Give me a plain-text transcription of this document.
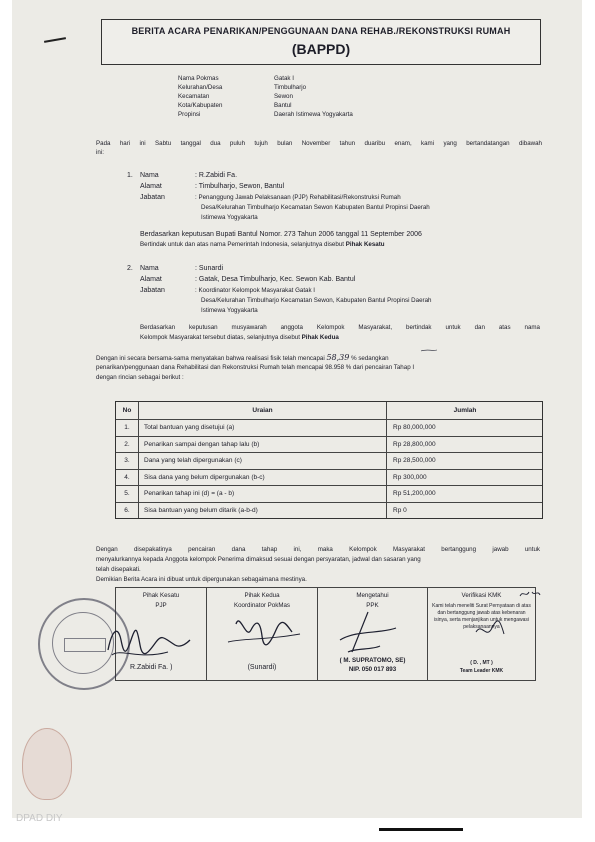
BERITA ACARA PENARIKAN/PENGGUNAAN DANA REHAB./REKONSTRUKSI RUMAH
(BAPPD)
Nama Pokmas	Gatak I
Kelurahan/Desa	Timbulharjo
Kecamatan	Sewon
Kota/Kabupaten	Bantul
Propinsi	Daerah Istimewa Yogyakarta
Pada hari ini Sabtu tanggal dua puluh tujuh bulan November tahun duaribu enam, kami yang bertandatangan dibawah
ini:
1. Nama	: R.Zabidi Fa.
Alamat	: Timbulharjo, Sewon, Bantul
Jabatan	: Penanggung Jawab Pelaksanaan (PJP) Rehabilitasi/Rekonstruksi Rumah
Desa/Kelurahan Timbulharjo Kecamatan Sewon Kabupaten Bantul Propinsi Daerah
Istimewa Yogyakarta
Berdasarkan keputusan Bupati Bantul Nomor. 273 Tahun 2006 tanggal 11 September 2006
Bertindak untuk dan atas nama Pemerintah Indonesia, selanjutnya disebut Pihak Kesatu
2. Nama	: Sunardi
Alamat	: Gatak, Desa Timbulharjo, Kec. Sewon Kab. Bantul
Jabatan	: Koordinator Kelompok Masyarakat Gatak I
Desa/Kelurahan Timbulharjo Kecamatan Sewon, Kabupaten Bantul Propinsi Daerah
Istimewa Yogyakarta
Berdasarkan keputusan musyawarah anggota Kelompok Masyarakat, bertindak untuk dan atas nama
Kelompok Masyarakat tersebut diatas, selanjutnya disebut Pihak Kedua
Dengan ini secara bersama-sama menyatakan bahwa realisasi fisik telah mencapai 58,39 % sedangkan
penarikan/penggunaan dana Rehabilitasi dan Rekonstruksi Rumah telah mencapai 98.958 % dari pencairan Tahap I
dengan rincian sebagai berikut :
No	Uraian	Jumlah
1.	Total bantuan yang disetujui (a)	Rp 80,000,000
2.	Penarikan sampai dengan tahap lalu (b)	Rp 28,800,000
3.	Dana yang telah dipergunakan (c)	Rp 28,500,000
4.	Sisa dana yang belum dipergunakan (b-c)	Rp 300,000
5.	Penarikan tahap ini (d) = (a - b)	Rp 51,200,000
6.	Sisa bantuan yang belum ditarik (a-b-d)	Rp 0
Dengan disepakatinya pencairan dana tahap ini, maka Kelompok Masyarakat bertanggung jawab untuk
menyalurkannya kepada Anggota kelompok Penerima dimaksud sesuai dengan persyaratan, jadwal dan sasaran yang
telah disepakati.
Demikian Berita Acara ini dibuat untuk dipergunakan sebagaimana mestinya.
Pihak Kesatu
PJP
R.Zabidi Fa. )
Pihak Kedua
Koordinator PokMas
(Sunardi)
Mengetahui
PPK
( M. SUPRATOMO, SE)
NIP. 050 017 893
Verifikasi KMK
Kami telah meneliti Surat Pernyataan di atas
dan bertanggung jawab atas kebenaran
isinya, serta menjanjikan untuk mengawasi
pelaksanaannya
( D. , MT )
Team Leader KMK
DPAD DIY
